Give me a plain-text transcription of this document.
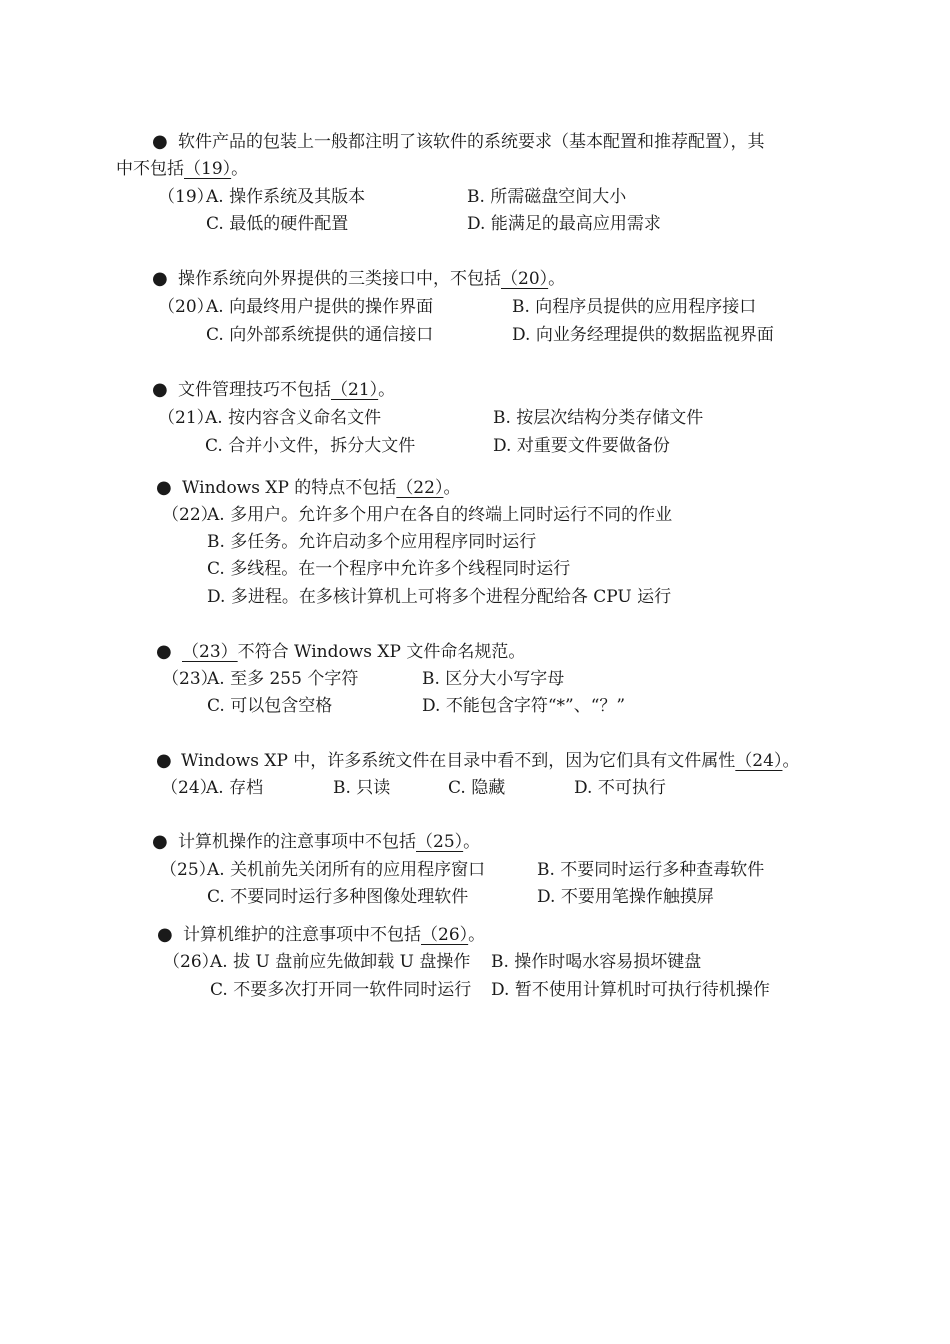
● 软件产品的包装上一般都注明了该软件的系统要求（基本配置和推荐配置），其
中不包括（19）。
（19）
A. 操作系统及其版本	B. 所需磁盘空间大小
C. 最低的硬件配置	D. 能满足的最高应用需求
● 操作系统向外界提供的三类接口中，不包括（20）。
（20）
A. 向最终用户提供的操作界面	B. 向程序员提供的应用程序接口
C. 向外部系统提供的通信接口	D. 向业务经理提供的数据监视界面
● 文件管理技巧不包括（21）。
（21）
A. 按内容含义命名文件	B. 按层次结构分类存储文件
C. 合并小文件，拆分大文件	D. 对重要文件要做备份
● Windows XP 的特点不包括（22）。
（22）
A. 多用户。允许多个用户在各自的终端上同时运行不同的作业
B. 多任务。允许启动多个应用程序同时运行
C. 多线程。在一个程序中允许多个线程同时运行
D. 多进程。在多核计算机上可将多个进程分配给各 CPU 运行
● （23）不符合 Windows XP 文件命名规范。
（23）
A. 至多 255 个字符	B. 区分大小写字母
C. 可以包含空格	D. 不能包含字符“*”、“？”
● Windows XP 中，许多系统文件在目录中看不到，因为它们具有文件属性（24）。
（24）
A. 存档	B. 只读	C. 隐藏	D. 不可执行
● 计算机操作的注意事项中不包括（25）。
（25）
A. 关机前先关闭所有的应用程序窗口	B. 不要同时运行多种查毒软件
C. 不要同时运行多种图像处理软件	D. 不要用笔操作触摸屏
● 计算机维护的注意事项中不包括（26）。
（26）
A. 拔 U 盘前应先做卸载 U 盘操作 B. 操作时喝水容易损坏键盘
C. 不要多次打开同一软件同时运行 D. 暂不使用计算机时可执行待机操作
